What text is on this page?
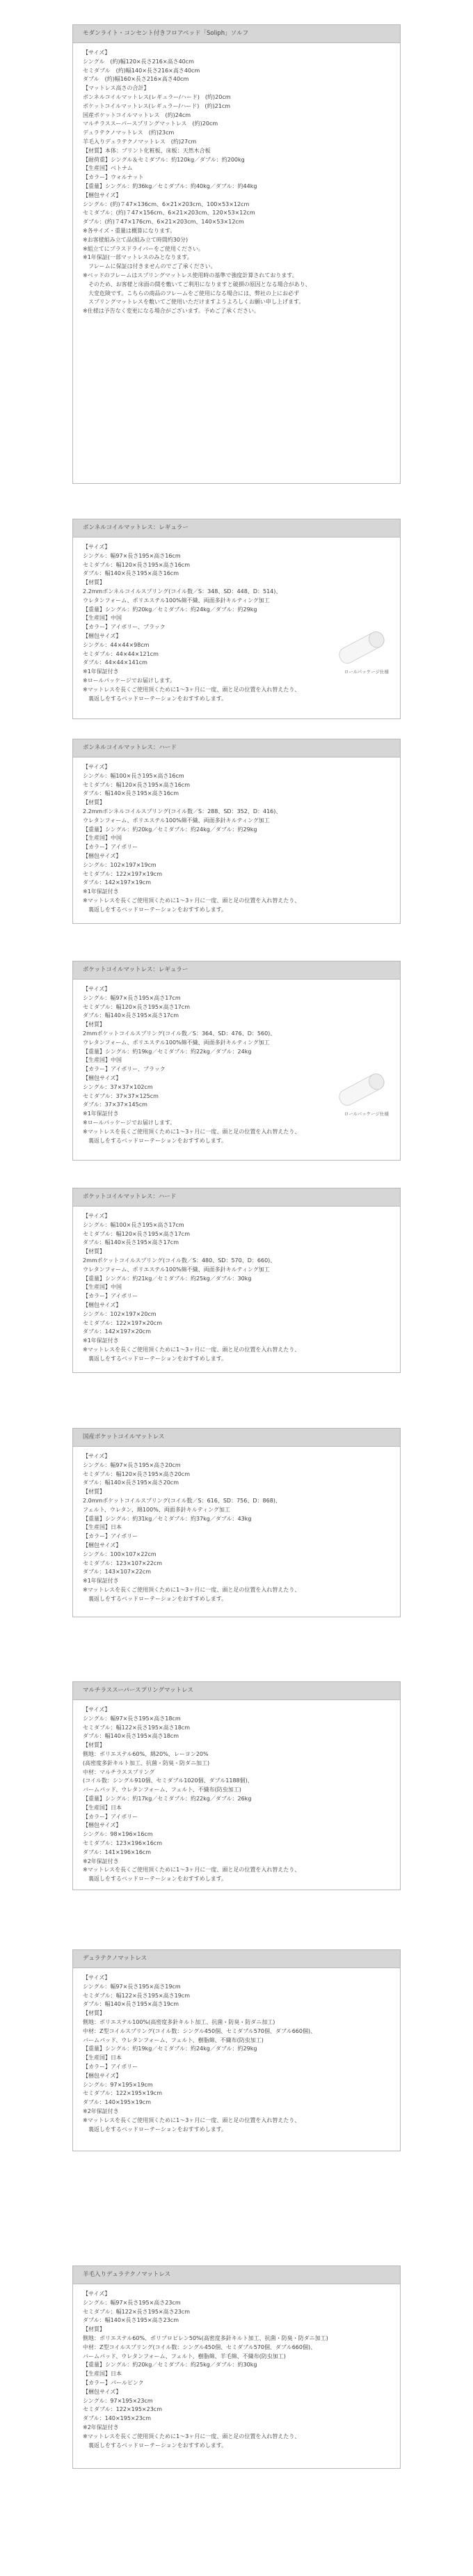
モダンライト・コンセント付きフロアベッド「Soliph」ソルフ
【サイズ】
シングル　(約)幅120×長さ216×高さ40cm
セミダブル　(約)幅140×長さ216×高さ40cm
ダブル　(約)幅160×長さ216×高さ40cm
【マットレス高さの合計】
ボンネルコイルマットレス(レギュラー/ハード)　(約)20cm
ポケットコイルマットレス(レギュラー/ハード)　(約)21cm
国産ポケットコイルマットレス　(約)24cm
マルチラススーパースプリングマットレス　(約)20cm
デュラテクノマットレス　(約)23cm
羊毛入りデュラテクノマットレス　(約)27cm
【材質】本体：プリント化粧板、床板：天然木合板
【耐荷重】シングル＆セミダブル：約120kg／ダブル：約200kg
【生産国】ベトナム
【カラー】ウォルナット
【重量】シングル：約36kg／セミダブル：約40kg／ダブル：約44kg
【梱包サイズ】
シングル：(約)７47×136cm、6×21×203cm、100×53×12cm
セミダブル：(約)７47×156cm、6×21×203cm、120×53×12cm
ダブル：(約)７47×176cm、6×21×203cm、140×53×12cm
※各サイズ・重量は概算になります。
※お客様組み立て品(組み立て時間約30分)
※組立てにプラスドライバーをご使用ください。
※1年保証(一部マットレスのみとなります。
　フレームに保証は付きませんのでご了承ください。
※ベッドのフレームはスプリングマットレス使用時の基準で強度計算されております。
　そのため、お客様と床面の間を敷いてご利用になりますと破損の原因となる場合があり、
　大変危険です。こちらの商品のフレームをご使用になる場合には、弊社の上にお必ず
　スプリングマットレスを敷いてご使用いただけますようよろしくお願い申し上げます。
※仕様は予告なく変更になる場合がございます。予めご了承ください。
ボンネルコイルマットレス：レギュラー
【サイズ】
シングル：幅97×長さ195×高さ16cm
セミダブル：幅120×長さ195×高さ16cm
ダブル：幅140×長さ195×高さ16cm
【材質】
2.2mmボンネルコイルスプリング(コイル数／S：348、SD：448、D：514)、
ウレタンフォーム、ポリエステル100%綿不織、両面多針キルティング加工
【重量】シングル：約20kg／セミダブル：約24kg／ダブル：約29kg
【生産国】中国
【カラー】アイボリー、ブラック
【梱包サイズ】
シングル：44×44×98cm
セミダブル：44×44×121cm
ダブル：44×44×141cm
※1年保証付き
※ロールパッケージでお届けします。
※マットレスを長くご使用頂くために1〜3ヶ月に一度、頭と足の位置を入れ替えたり、
　裏返しをするベッドローテーションをおすすめします。
ロールパッケージ仕様
ボンネルコイルマットレス：ハード
【サイズ】
シングル：幅100×長さ195×高さ16cm
セミダブル：幅120×長さ195×高さ16cm
ダブル：幅140×長さ195×高さ16cm
【材質】
2.2mmボンネルコイルスプリング(コイル数／S：288、SD：352、D：416)、
ウレタンフォーム、ポリエステル100%綿不織、両面多針キルティング加工
【重量】シングル：約20kg／セミダブル：約24kg／ダブル：約29kg
【生産国】中国
【カラー】アイボリー
【梱包サイズ】
シングル：102×197×19cm
セミダブル：122×197×19cm
ダブル：142×197×19cm
※1年保証付き
※マットレスを長くご使用頂くために1〜3ヶ月に一度、頭と足の位置を入れ替えたり、
　裏返しをするベッドローテーションをおすすめします。
ポケットコイルマットレス：レギュラー
【サイズ】
シングル：幅97×長さ195×高さ17cm
セミダブル：幅120×長さ195×高さ17cm
ダブル：幅140×長さ195×高さ17cm
【材質】
2mmポケットコイルスプリング(コイル数／S：364、SD：476、D：560)、
ウレタンフォーム、ポリエステル100%綿不織、両面多針キルティング加工
【重量】シングル：約19kg／セミダブル：約22kg／ダブル：24kg
【生産国】中国
【カラー】アイボリー、ブラック
【梱包サイズ】
シングル：37×37×102cm
セミダブル：37×37×125cm
ダブル：37×37×145cm
※1年保証付き
※ロールパッケージでお届けします。
※マットレスを長くご使用頂くために1〜3ヶ月に一度、頭と足の位置を入れ替えたり、
　裏返しをするベッドローテーションをおすすめします。
ロールパッケージ仕様
ポケットコイルマットレス：ハード
【サイズ】
シングル：幅100×長さ195×高さ17cm
セミダブル：幅120×長さ195×高さ17cm
ダブル：幅140×長さ195×高さ17cm
【材質】
2mmポケットコイルスプリング(コイル数／S：480、SD：570、D：660)、
ウレタンフォーム、ポリエステル100%綿不織、両面多針キルティング加工
【重量】シングル：約21kg／セミダブル：約25kg／ダブル：30kg
【生産国】中国
【カラー】アイボリー
【梱包サイズ】
シングル：102×197×20cm
セミダブル：122×197×20cm
ダブル：142×197×20cm
※1年保証付き
※マットレスを長くご使用頂くために1〜3ヶ月に一度、頭と足の位置を入れ替えたり、
　裏返しをするベッドローテーションをおすすめします。
国産ポケットコイルマットレス
【サイズ】
シングル：幅97×長さ195×高さ20cm
セミダブル：幅120×長さ195×高さ20cm
ダブル：幅140×長さ195×高さ20cm
【材質】
2.0mmポケットコイルスプリング(コイル数／S：616、SD：756、D：868)、
フェルト、ウレタン、綿100%、両面多針キルティング加工
【重量】シングル：約31kg／セミダブル：約37kg／ダブル：43kg
【生産国】日本
【カラー】アイボリー
【梱包サイズ】
シングル：100×107×22cm
セミダブル：123×107×22cm
ダブル：143×107×22cm
※1年保証付き
※マットレスを長くご使用頂くために1〜3ヶ月に一度、頭と足の位置を入れ替えたり、
　裏返しをするベッドローテーションをおすすめします。
マルチラススーパースプリングマットレス
【サイズ】
シングル：幅97×長さ195×高さ18cm
セミダブル：幅122×長さ195×高さ18cm
ダブル：幅140×長さ195×高さ18cm
【材質】
側地：ポリエステル60%、綿20%、レーヨン20%
(高密度多針キルト加工、抗菌・防臭・防ダニ加工)
中材：マルチラススプリング
(コイル数：シングル910個、セミダブル1020個、ダブル1188個)、
バームパッド、ウレタンフォーム、フェルト、不織布(防虫加工)
【重量】シングル：約17kg／セミダブル：約22kg／ダブル：26kg
【生産国】日本
【カラー】アイボリー
【梱包サイズ】
シングル：98×196×16cm
セミダブル：123×196×16cm
ダブル：141×196×16cm
※2年保証付き
※マットレスを長くご使用頂くために1〜3ヶ月に一度、頭と足の位置を入れ替えたり、
　裏返しをするベッドローテーションをおすすめします。
デュラテクノマットレス
【サイズ】
シングル：幅97×長さ195×高さ19cm
セミダブル：幅122×長さ195×高さ19cm
ダブル：幅140×長さ195×高さ19cm
【材質】
側地：ポリエステル100%(高密度多針キルト加工、抗菌・防臭・防ダニ加工)
中材：Z型コイルスプリング(コイル数：シングル450個、セミダブル570個、ダブル660個)、
バームパッド、ウレタンフォーム、フェルト、樹脂綿、不織布(防虫加工)
【重量】シングル：約19kg／セミダブル：約24kg／ダブル：約29kg
【生産国】日本
【カラー】アイボリー
【梱包サイズ】
シングル：97×195×19cm
セミダブル：122×195×19cm
ダブル：140×195×19cm
※2年保証付き
※マットレスを長くご使用頂くために1〜3ヶ月に一度、頭と足の位置を入れ替えたり、
　裏返しをするベッドローテーションをおすすめします。
羊毛入りデュラテクノマットレス
【サイズ】
シングル：幅97×長さ195×高さ23cm
セミダブル：幅122×長さ195×高さ23cm
ダブル：幅140×長さ195×高さ23cm
【材質】
側地：ポリエステル60%、ポリプロピレン50%(高密度多針キルト加工、抗菌・防臭・防ダニ加工)
中材：Z型コイルスプリング(コイル数：シングル450個、セミダブル570個、ダブル660個)、
バームパッド、ウレタンフォーム、フェルト、樹脂綿、羊毛綿、不織布(防虫加工)
【重量】シングル：約20kg／セミダブル：約25kg／ダブル：約30kg
【生産国】日本
【カラー】パールピンク
【梱包サイズ】
シングル：97×195×23cm
セミダブル：122×195×23cm
ダブル：140×195×23cm
※2年保証付き
※マットレスを長くご使用頂くために1〜3ヶ月に一度、頭と足の位置を入れ替えたり、
　裏返しをするベッドローテーションをおすすめします。
